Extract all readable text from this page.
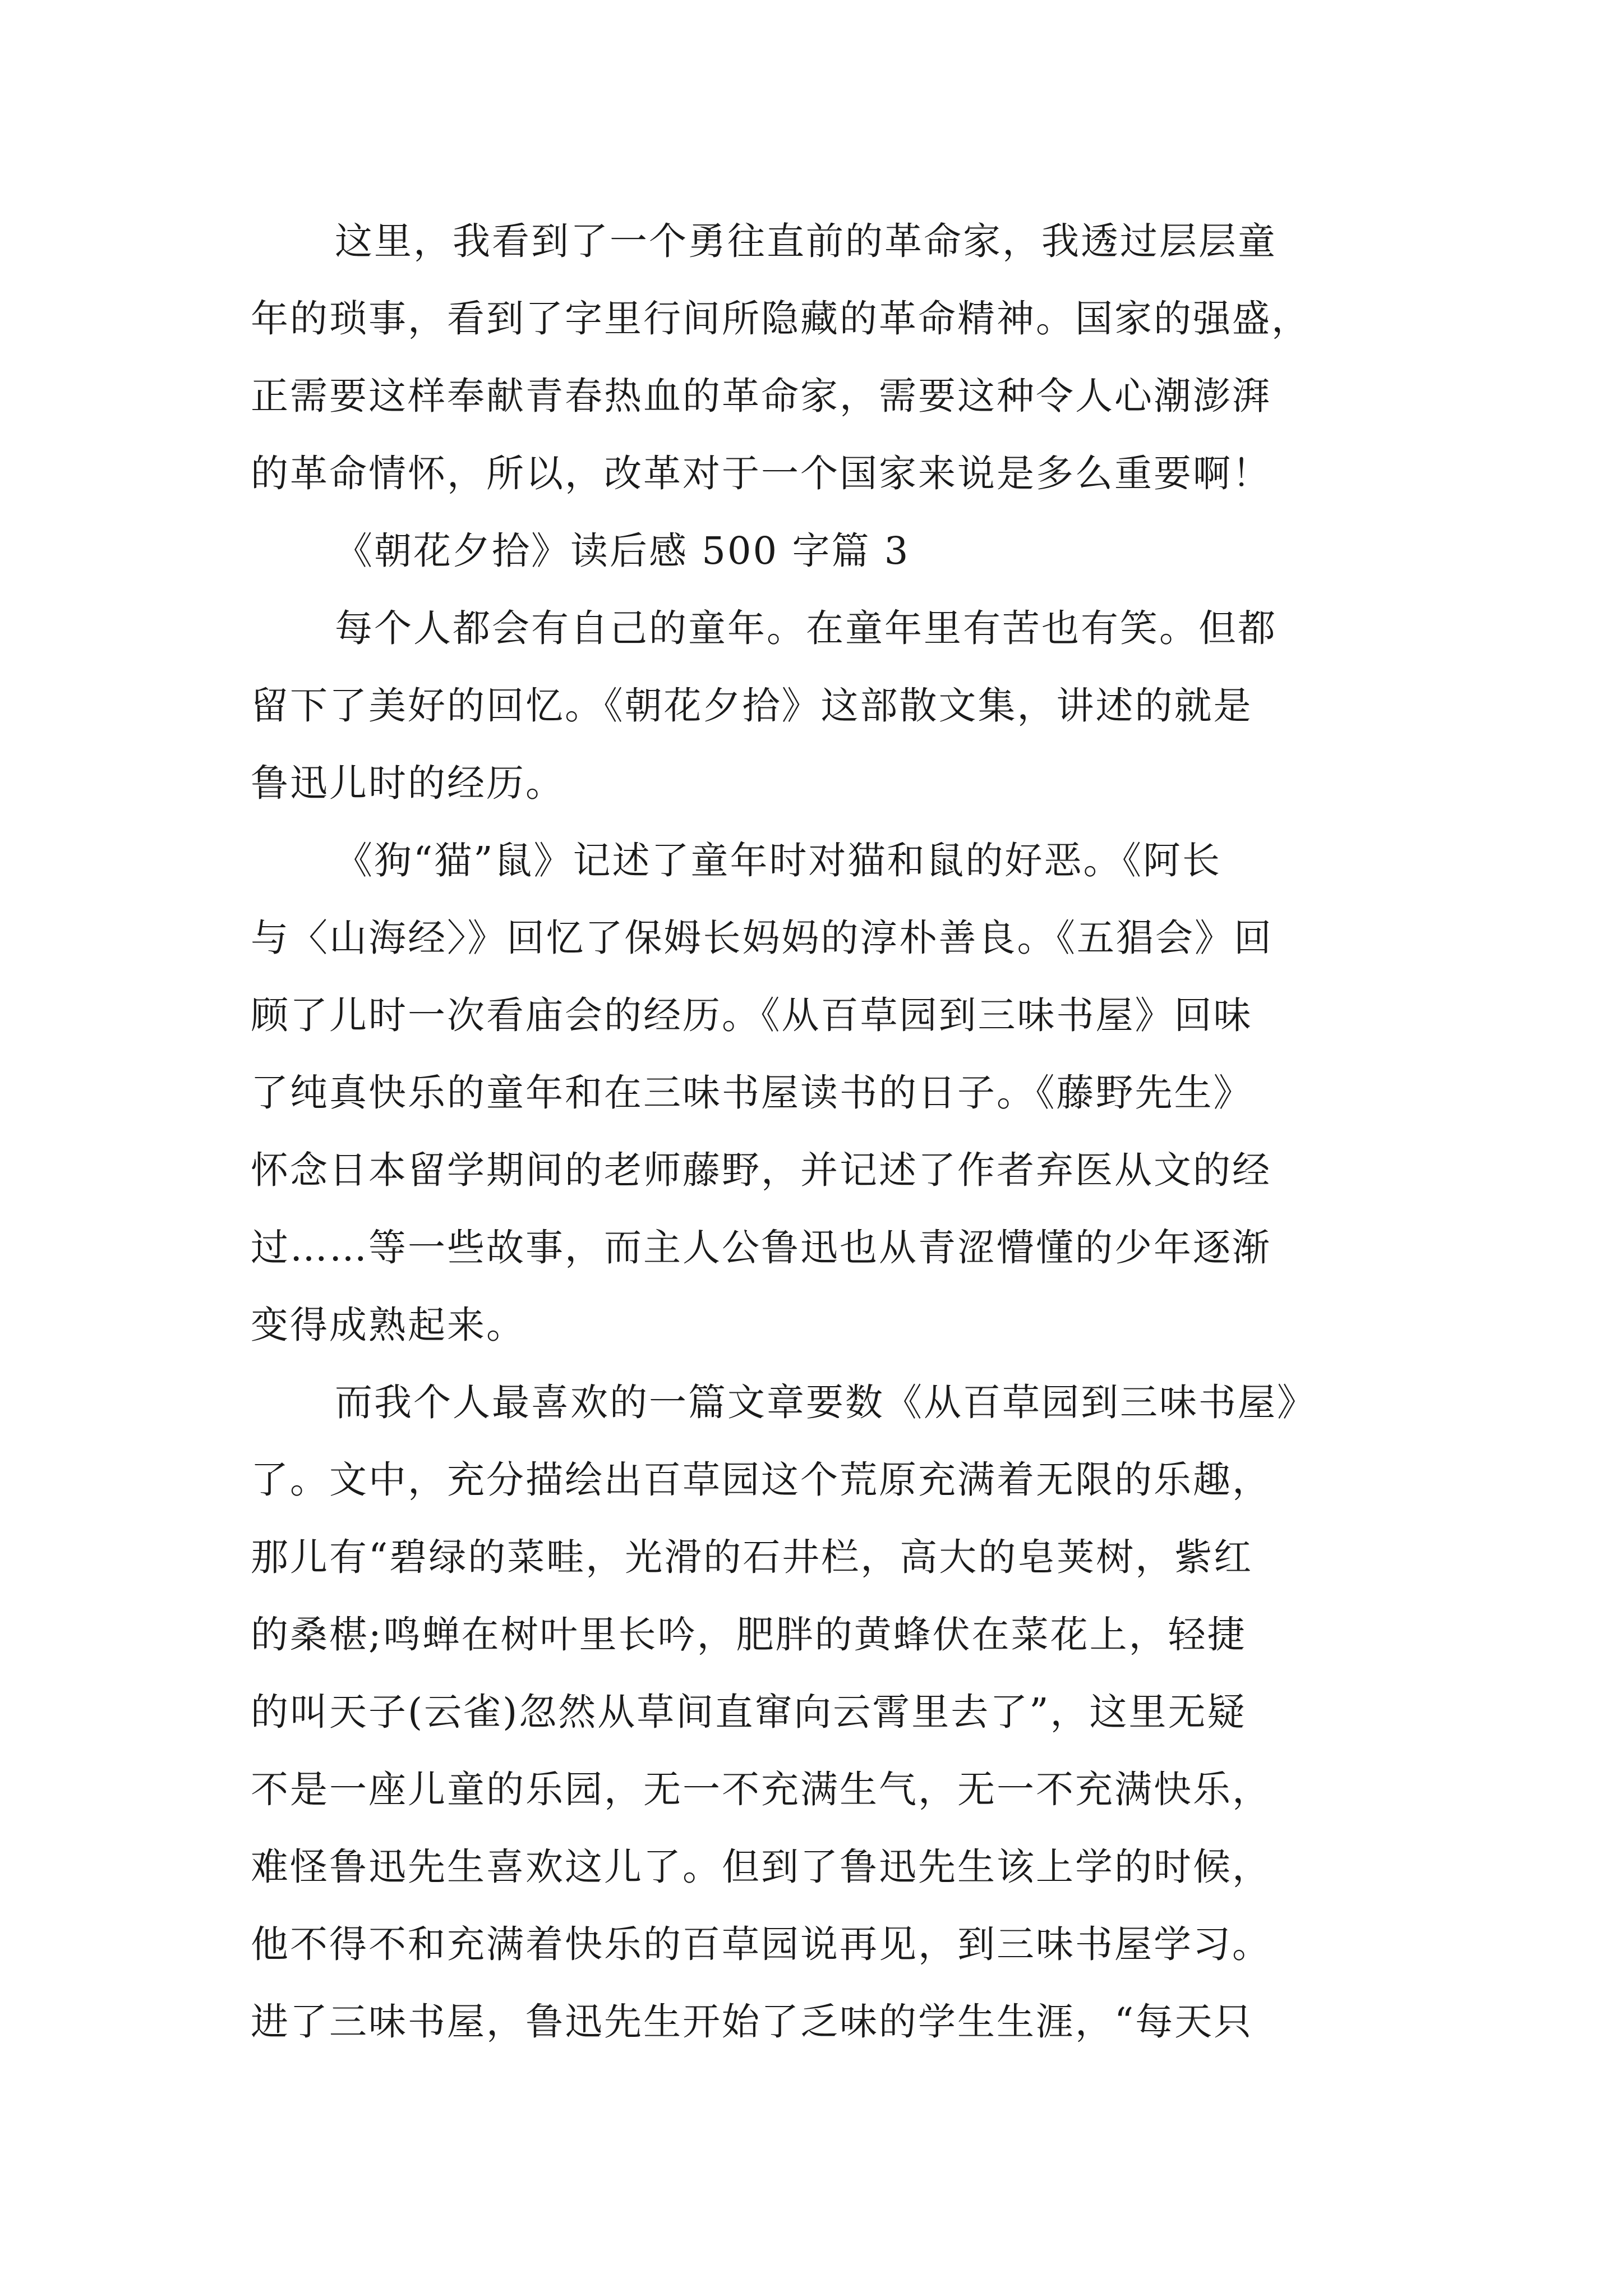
这里，我看到了一个勇往直前的革命家，我透过层层童
年的琐事，看到了字里行间所隐藏的革命精神。国家的强盛，
正需要这样奉献青春热血的革命家，需要这种令人心潮澎湃
的革命情怀，所以，改革对于一个国家来说是多么重要啊！
《朝花夕拾》读后感 500 字篇 3
每个人都会有自己的童年。在童年里有苦也有笑。但都
留下了美好的回忆。《朝花夕拾》这部散文集，讲述的就是
鲁迅儿时的经历。
《狗“猫”鼠》记述了童年时对猫和鼠的好恶。《阿长
与〈山海经〉》回忆了保姆长妈妈的淳朴善良。《五猖会》回
顾了儿时一次看庙会的经历。《从百草园到三味书屋》回味
了纯真快乐的童年和在三味书屋读书的日子。《藤野先生》
怀念日本留学期间的老师藤野，并记述了作者弃医从文的经
过……等一些故事，而主人公鲁迅也从青涩懵懂的少年逐渐
变得成熟起来。
而我个人最喜欢的一篇文章要数《从百草园到三味书屋》
了。文中，充分描绘出百草园这个荒原充满着无限的乐趣，
那儿有“碧绿的菜畦，光滑的石井栏，高大的皂荚树，紫红
的桑椹;鸣蝉在树叶里长吟，肥胖的黄蜂伏在菜花上，轻捷
的叫天子(云雀)忽然从草间直窜向云霄里去了”，这里无疑
不是一座儿童的乐园，无一不充满生气，无一不充满快乐，
难怪鲁迅先生喜欢这儿了。但到了鲁迅先生该上学的时候，
他不得不和充满着快乐的百草园说再见，到三味书屋学习。
进了三味书屋，鲁迅先生开始了乏味的学生生涯，“每天只
